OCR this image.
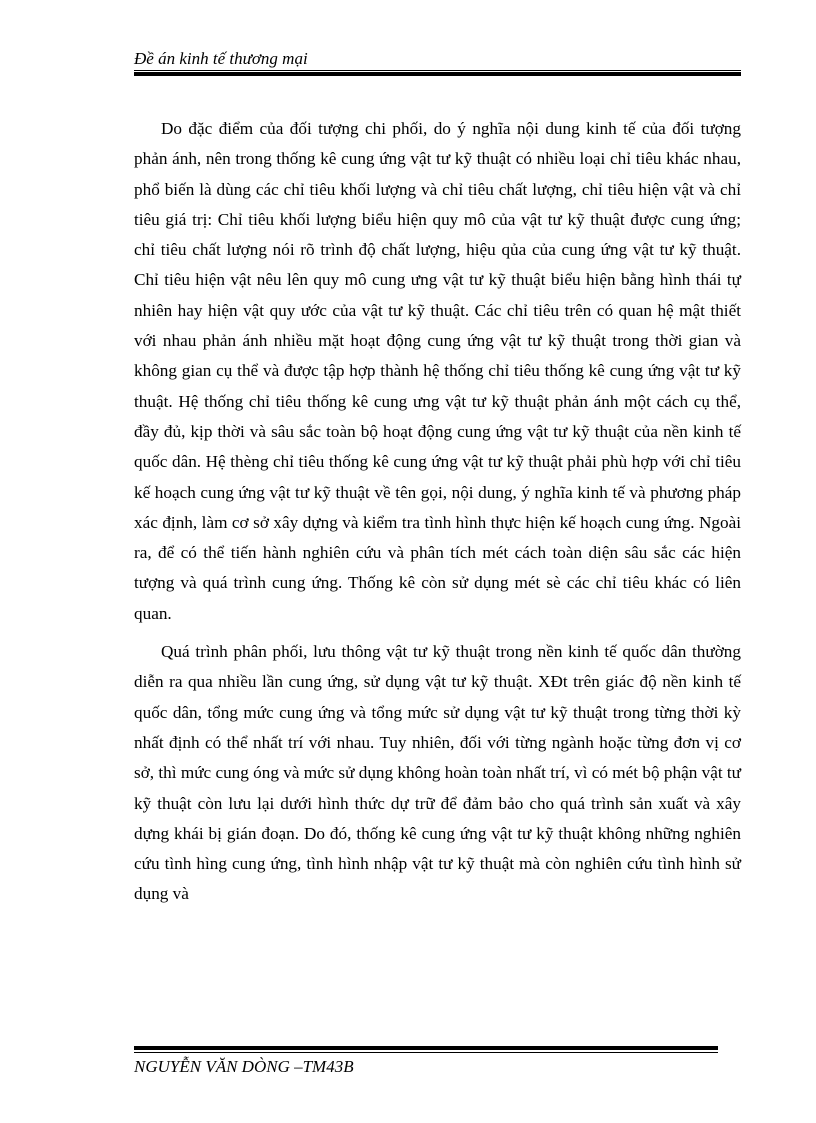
Đề án kinh tế thương mại

Do đặc điểm của đối tượng chi phối, do ý nghĩa nội dung kinh tế của đối tượng phản ánh, nên trong thống kê cung ứng vật tư kỹ thuật có nhiều loại chỉ tiêu khác nhau, phổ biến là dùng các chỉ tiêu khối lượng và chỉ tiêu chất lượng, chỉ tiêu hiện vật và chỉ tiêu giá trị: Chỉ tiêu khối lượng biểu hiện quy mô của vật tư kỹ thuật được cung ứng; chỉ tiêu chất lượng nói rõ trình độ chất lượng, hiệu qủa của cung ứng vật tư kỹ thuật. Chỉ tiêu hiện vật nêu lên quy mô cung ưng vật tư kỹ thuật biểu hiện bằng hình thái tự nhiên hay hiện vật quy ước của vật tư kỹ thuật. Các chỉ tiêu trên có quan hệ mật thiết với nhau phản ánh nhiều mặt hoạt động cung ứng vật tư kỹ thuật trong thời gian và không gian cụ thể và được tập hợp thành hệ thống chỉ tiêu thống kê cung ứng vật tư kỹ thuật. Hệ thống chỉ tiêu thống kê cung ưng vật tư kỹ thuật phản ánh một cách cụ thể, đầy đủ, kịp thời và sâu sắc toàn bộ hoạt động cung ứng vật tư kỹ thuật của nền kinh tế quốc dân. Hệ thèng chỉ tiêu thống kê cung ứng vật tư kỹ thuật phải phù hợp với chỉ tiêu kế hoạch cung ứng vật tư kỹ thuật về tên gọi, nội dung, ý nghĩa kinh tế và phương pháp xác định, làm cơ sở xây dựng và kiểm tra tình hình thực hiện kế hoạch cung ứng. Ngoài ra, để có thể tiến hành nghiên cứu và phân tích mét cách toàn diện sâu sắc các hiện tượng và quá trình cung ứng. Thống kê còn sử dụng mét sè các chỉ tiêu khác có liên quan.

Quá trình phân phối, lưu thông vật tư kỹ thuật trong nền kinh tế quốc dân thường diễn ra qua nhiều lần cung ứng, sử dụng vật tư kỹ thuật. XĐt trên giác độ nền kinh tế quốc dân, tổng mức cung ứng và tổng mức sử dụng vật tư kỹ thuật trong từng thời kỳ nhất định có thể nhất trí với nhau. Tuy nhiên, đối với từng ngành hoặc từng đơn vị cơ sở, thì mức cung óng và mức sử dụng không hoàn toàn nhất trí, vì có mét bộ phận vật tư kỹ thuật còn lưu lại dưới hình thức dự trữ để đảm bảo cho quá trình sản xuất và xây dựng khái bị gián đoạn. Do đó, thống kê cung ứng vật tư kỹ thuật không những nghiên cứu tình hìng cung ứng, tình hình nhập vật tư kỹ thuật mà còn nghiên cứu tình hình sử dụng và

NGUYỄN VĂN DÒNG –TM43B
